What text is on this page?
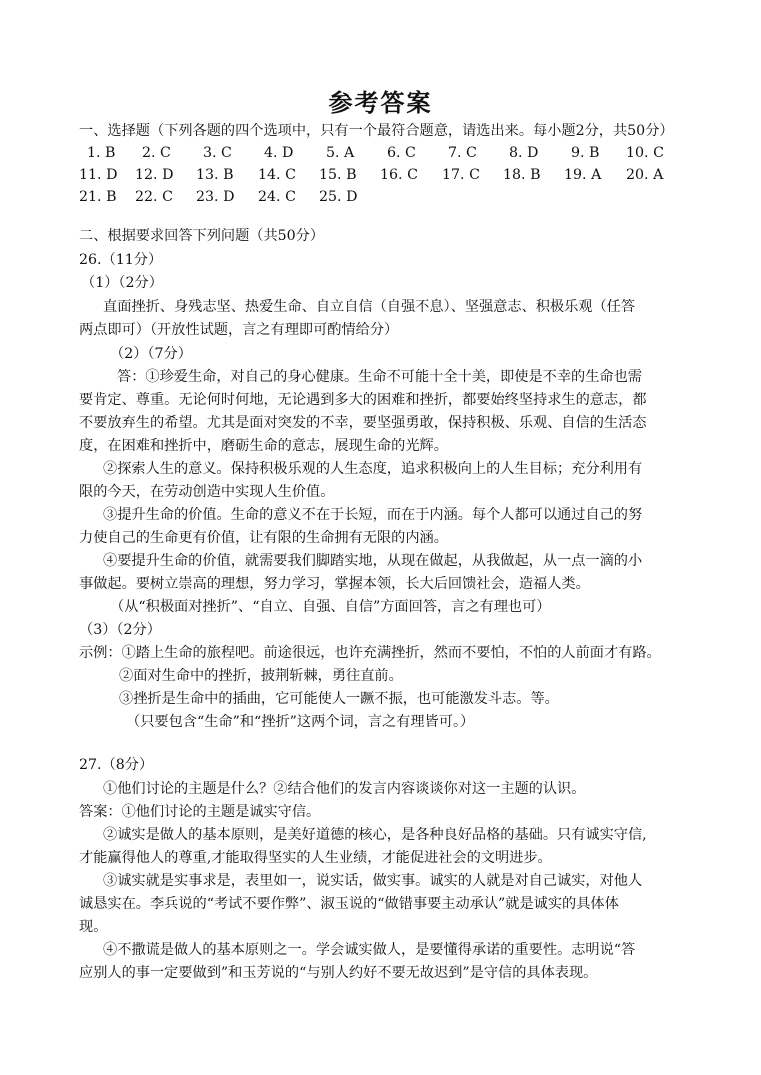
参考答案
一、选择题（下列各题的四个选项中，只有一个最符合题意，请选出来。每小题2分，共50分）
1. B 2. C 3. C 4. D 5. A 6. C 7. C 8. D 9. B 10. C
11. D 12. D 13. B 14. C 15. B 16. C 17. C 18. B 19. A 20. A
21. B 22. C 23. D 24. C 25. D
二、根据要求回答下列问题（共50分）
26.（11分）
（1）（2分）
直面挫折、身残志坚、热爱生命、自立自信（自强不息）、坚强意志、积极乐观（任答
两点即可）（开放性试题，言之有理即可酌情给分）
（2）（7分）
答：①珍爱生命，对自己的身心健康。生命不可能十全十美，即使是不幸的生命也需
要肯定、尊重。无论何时何地，无论遇到多大的困难和挫折，都要始终坚持求生的意志，都
不要放弃生的希望。尤其是面对突发的不幸，要坚强勇敢，保持积极、乐观、自信的生活态
度，在困难和挫折中，磨砺生命的意志，展现生命的光辉。
②探索人生的意义。保持积极乐观的人生态度，追求积极向上的人生目标；充分利用有
限的今天，在劳动创造中实现人生价值。
③提升生命的价值。生命的意义不在于长短，而在于内涵。每个人都可以通过自己的努
力使自己的生命更有价值，让有限的生命拥有无限的内涵。
④要提升生命的价值，就需要我们脚踏实地，从现在做起，从我做起，从一点一滴的小
事做起。要树立崇高的理想，努力学习，掌握本领，长大后回馈社会，造福人类。
（从“积极面对挫折”、“自立、自强、自信”方面回答，言之有理也可）
（3）（2分）
示例：①踏上生命的旅程吧。前途很远，也许充满挫折，然而不要怕，不怕的人前面才有路。
②面对生命中的挫折，披荆斩棘，勇往直前。
③挫折是生命中的插曲，它可能使人一蹶不振，也可能激发斗志。等。
（只要包含“生命”和“挫折”这两个词，言之有理皆可。）
27.（8分）
①他们讨论的主题是什么？②结合他们的发言内容谈谈你对这一主题的认识。
答案：①他们讨论的主题是诚实守信。
②诚实是做人的基本原则，是美好道德的核心，是各种良好品格的基础。只有诚实守信,
才能赢得他人的尊重,才能取得坚实的人生业绩，才能促进社会的文明进步。
③诚实就是实事求是，表里如一，说实话，做实事。诚实的人就是对自己诚实，对他人
诚恳实在。李兵说的“考试不要作弊”、淑玉说的“做错事要主动承认”就是诚实的具体体
现。
④不撒谎是做人的基本原则之一。学会诚实做人，是要懂得承诺的重要性。志明说“答
应别人的事一定要做到”和玉芳说的“与别人约好不要无故迟到”是守信的具体表现。
